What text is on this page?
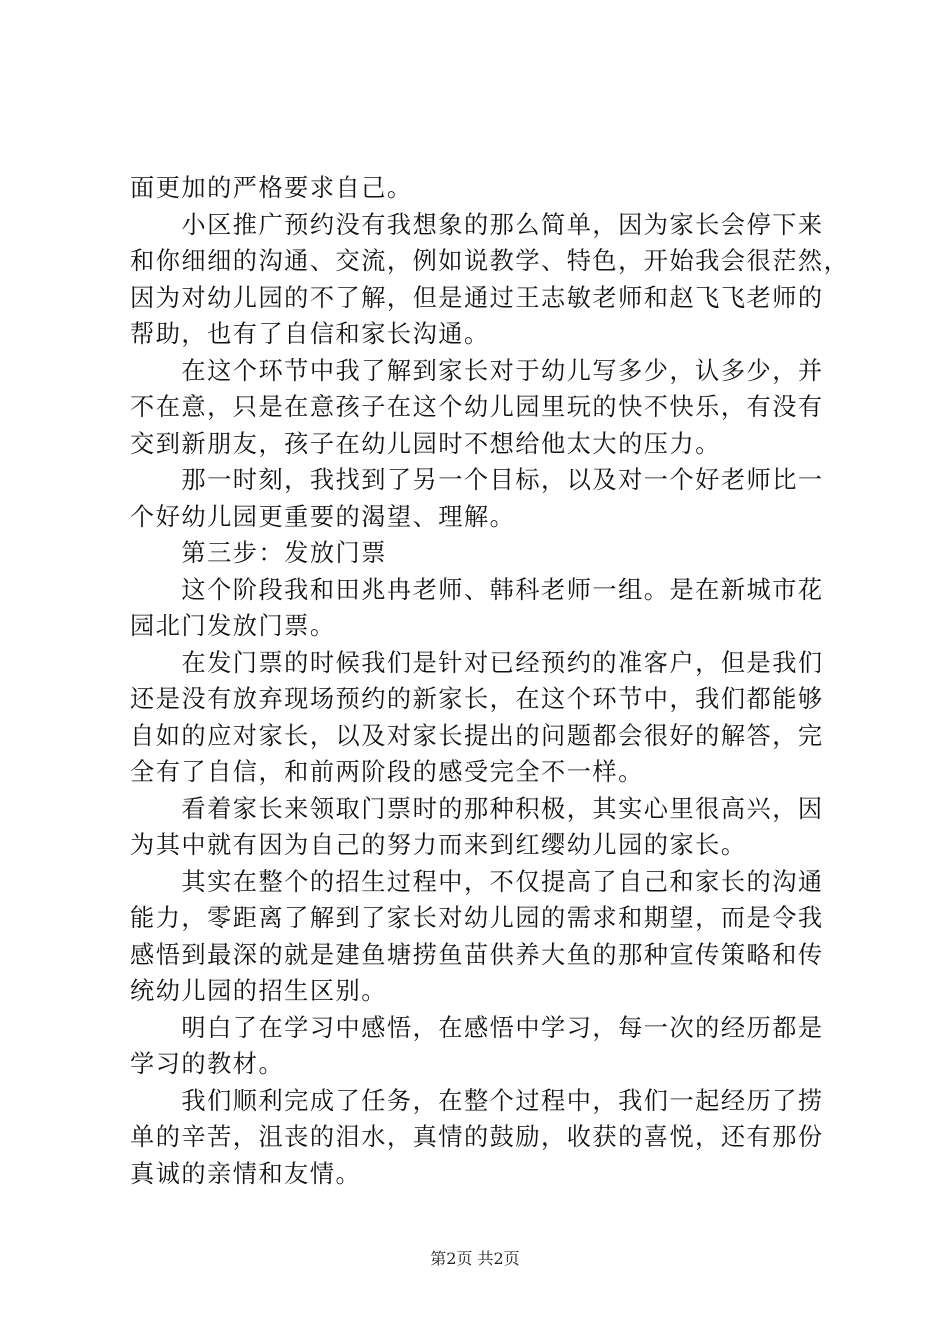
面更加的严格要求自己。
　　小区推广预约没有我想象的那么简单，因为家长会停下来
和你细细的沟通、交流，例如说教学、特色，开始我会很茫然，
因为对幼儿园的不了解，但是通过王志敏老师和赵飞飞老师的
帮助，也有了自信和家长沟通。
　　在这个环节中我了解到家长对于幼儿写多少，认多少，并
不在意，只是在意孩子在这个幼儿园里玩的快不快乐，有没有
交到新朋友，孩子在幼儿园时不想给他太大的压力。
　　那一时刻，我找到了另一个目标，以及对一个好老师比一
个好幼儿园更重要的渴望、理解。
　　第三步：发放门票
　　这个阶段我和田兆冉老师、韩科老师一组。是在新城市花
园北门发放门票。
　　在发门票的时候我们是针对已经预约的准客户，但是我们
还是没有放弃现场预约的新家长，在这个环节中，我们都能够
自如的应对家长，以及对家长提出的问题都会很好的解答，完
全有了自信，和前两阶段的感受完全不一样。
　　看着家长来领取门票时的那种积极，其实心里很高兴，因
为其中就有因为自己的努力而来到红缨幼儿园的家长。
　　其实在整个的招生过程中，不仅提高了自己和家长的沟通
能力，零距离了解到了家长对幼儿园的需求和期望，而是令我
感悟到最深的就是建鱼塘捞鱼苗供养大鱼的那种宣传策略和传
统幼儿园的招生区别。
　　明白了在学习中感悟，在感悟中学习，每一次的经历都是
学习的教材。
　　我们顺利完成了任务，在整个过程中，我们一起经历了捞
单的辛苦，沮丧的泪水，真情的鼓励，收获的喜悦，还有那份
真诚的亲情和友情。
第2页 共2页
